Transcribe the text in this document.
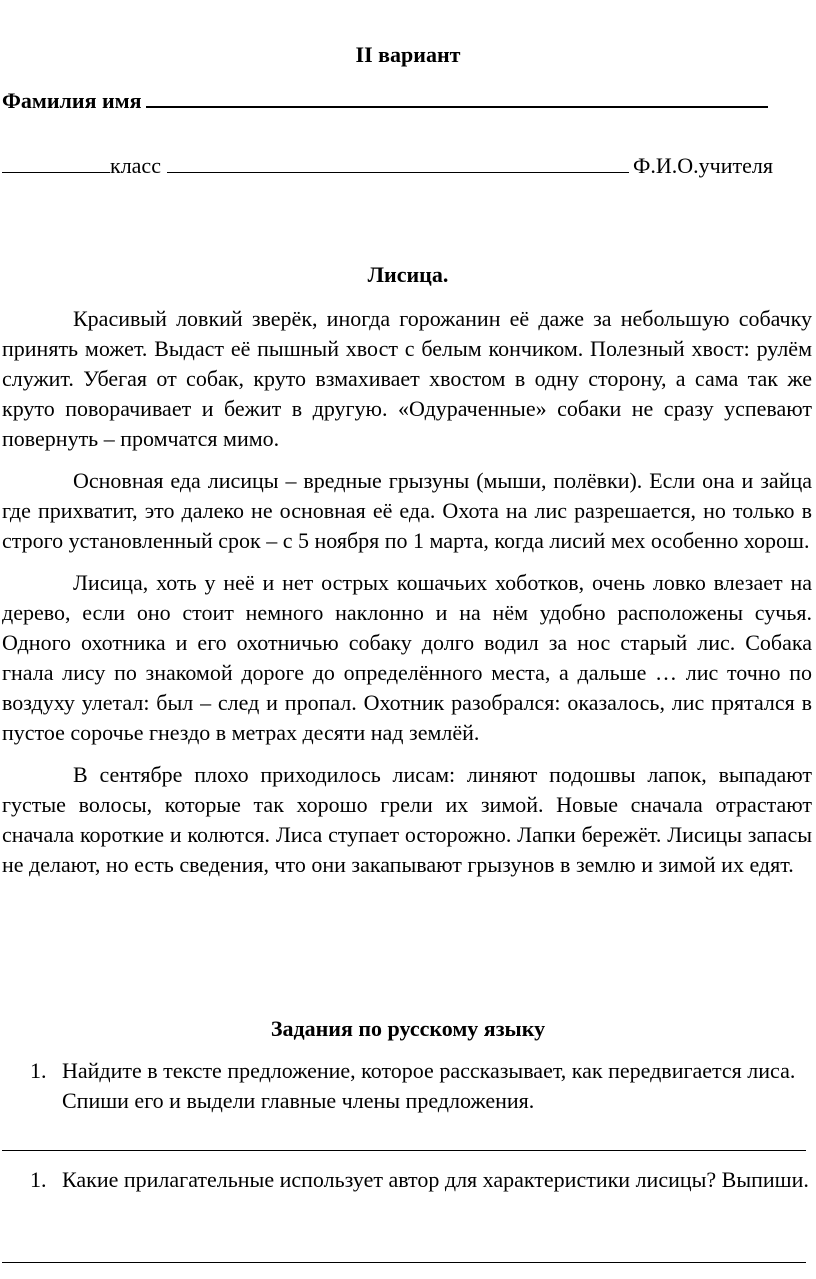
II вариант
Фамилия имя
класс	Ф.И.О.учителя
Лисица.

Красивый ловкий зверёк, иногда горожанин её даже за небольшую собачку принять может. Выдаст её пышный хвост с белым кончиком. Полезный хвост: рулём служит. Убегая от собак, круто взмахивает хвостом в одну сторону, а сама так же круто поворачивает и бежит в другую. «Одураченные» собаки не сразу успевают повернуть – промчатся мимо.

Основная еда лисицы – вредные грызуны (мыши, полёвки). Если она и зайца где прихватит, это далеко не основная её еда. Охота на лис разрешается, но только в строго установленный срок – с 5 ноября по 1 марта, когда лисий мех особенно хорош.

Лисица, хоть у неё и нет острых кошачьих хоботков, очень ловко влезает на дерево, если оно стоит немного наклонно и на нём удобно расположены сучья. Одного охотника и его охотничью собаку долго водил за нос старый лис. Собака гнала лису по знакомой дороге до определённого места, а дальше … лис точно по воздуху улетал: был – след и пропал. Охотник разобрался: оказалось, лис прятался в пустое сорочье гнездо в метрах десяти над землёй.

В сентябре плохо приходилось лисам: линяют подошвы лапок, выпадают густые волосы, которые так хорошо грели их зимой. Новые сначала отрастают сначала короткие и колются. Лиса ступает осторожно. Лапки бережёт. Лисицы запасы не делают, но есть сведения, что они закапывают грызунов в землю и зимой их едят.

Задания по русскому языку
1. Найдите в тексте предложение, которое рассказывает, как передвигается лиса. Спиши его и выдели главные члены предложения.
1. Какие прилагательные использует автор для характеристики лисицы? Выпиши.
